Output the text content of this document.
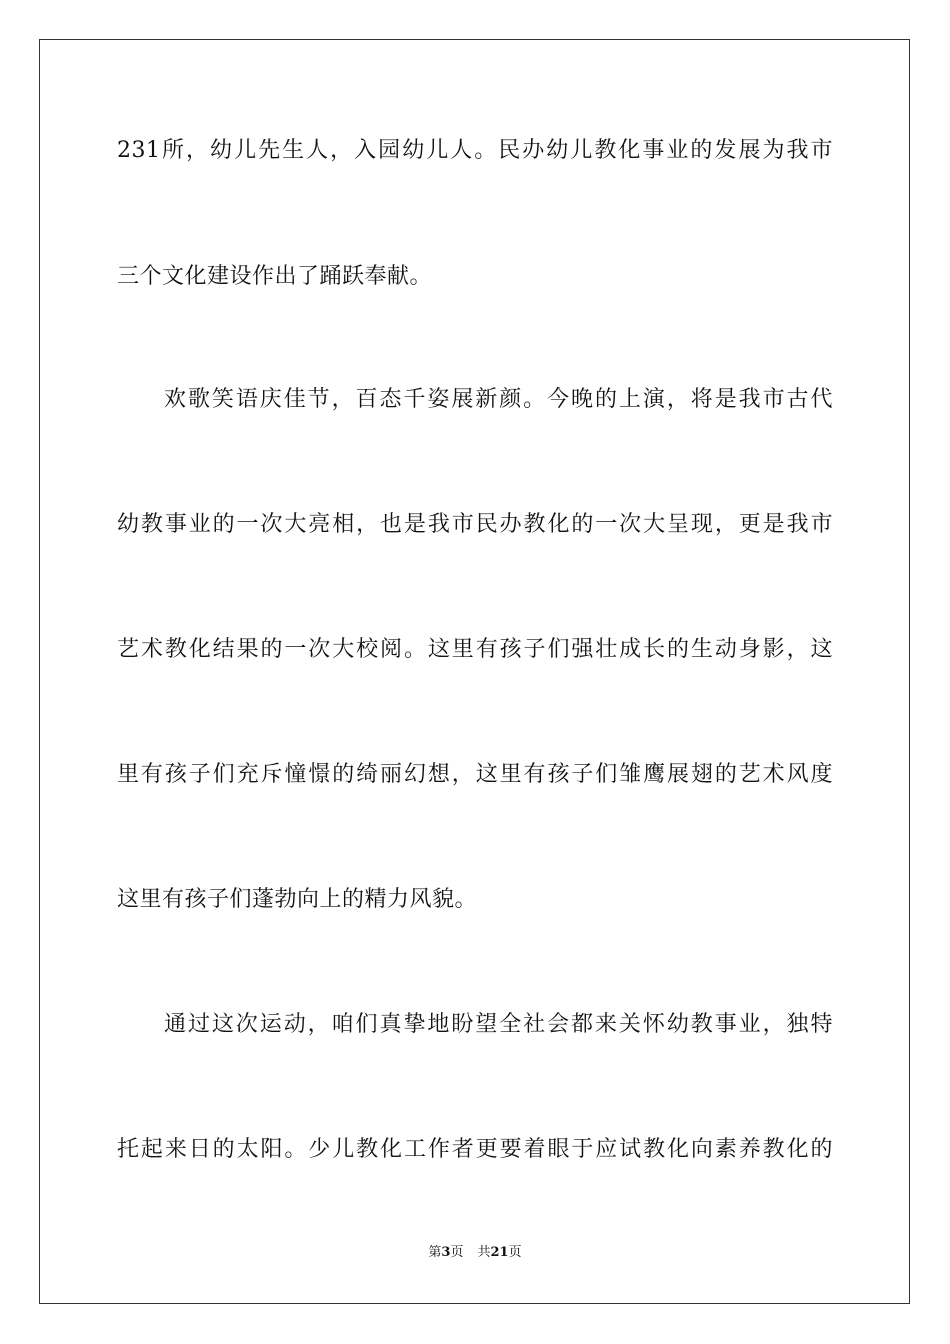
231所，幼儿先生人，入园幼儿人。民办幼儿教化事业的发展为我市
三个文化建设作出了踊跃奉献。
欢歌笑语庆佳节，百态千姿展新颜。今晚的上演，将是我市古代
幼教事业的一次大亮相，也是我市民办教化的一次大呈现，更是我市
艺术教化结果的一次大校阅。这里有孩子们强壮成长的生动身影，这
里有孩子们充斥憧憬的绮丽幻想，这里有孩子们雏鹰展翅的艺术风度
这里有孩子们蓬勃向上的精力风貌。
通过这次运动，咱们真挚地盼望全社会都来关怀幼教事业，独特
托起来日的太阳。少儿教化工作者更要着眼于应试教化向素养教化的
第3页 共21页
